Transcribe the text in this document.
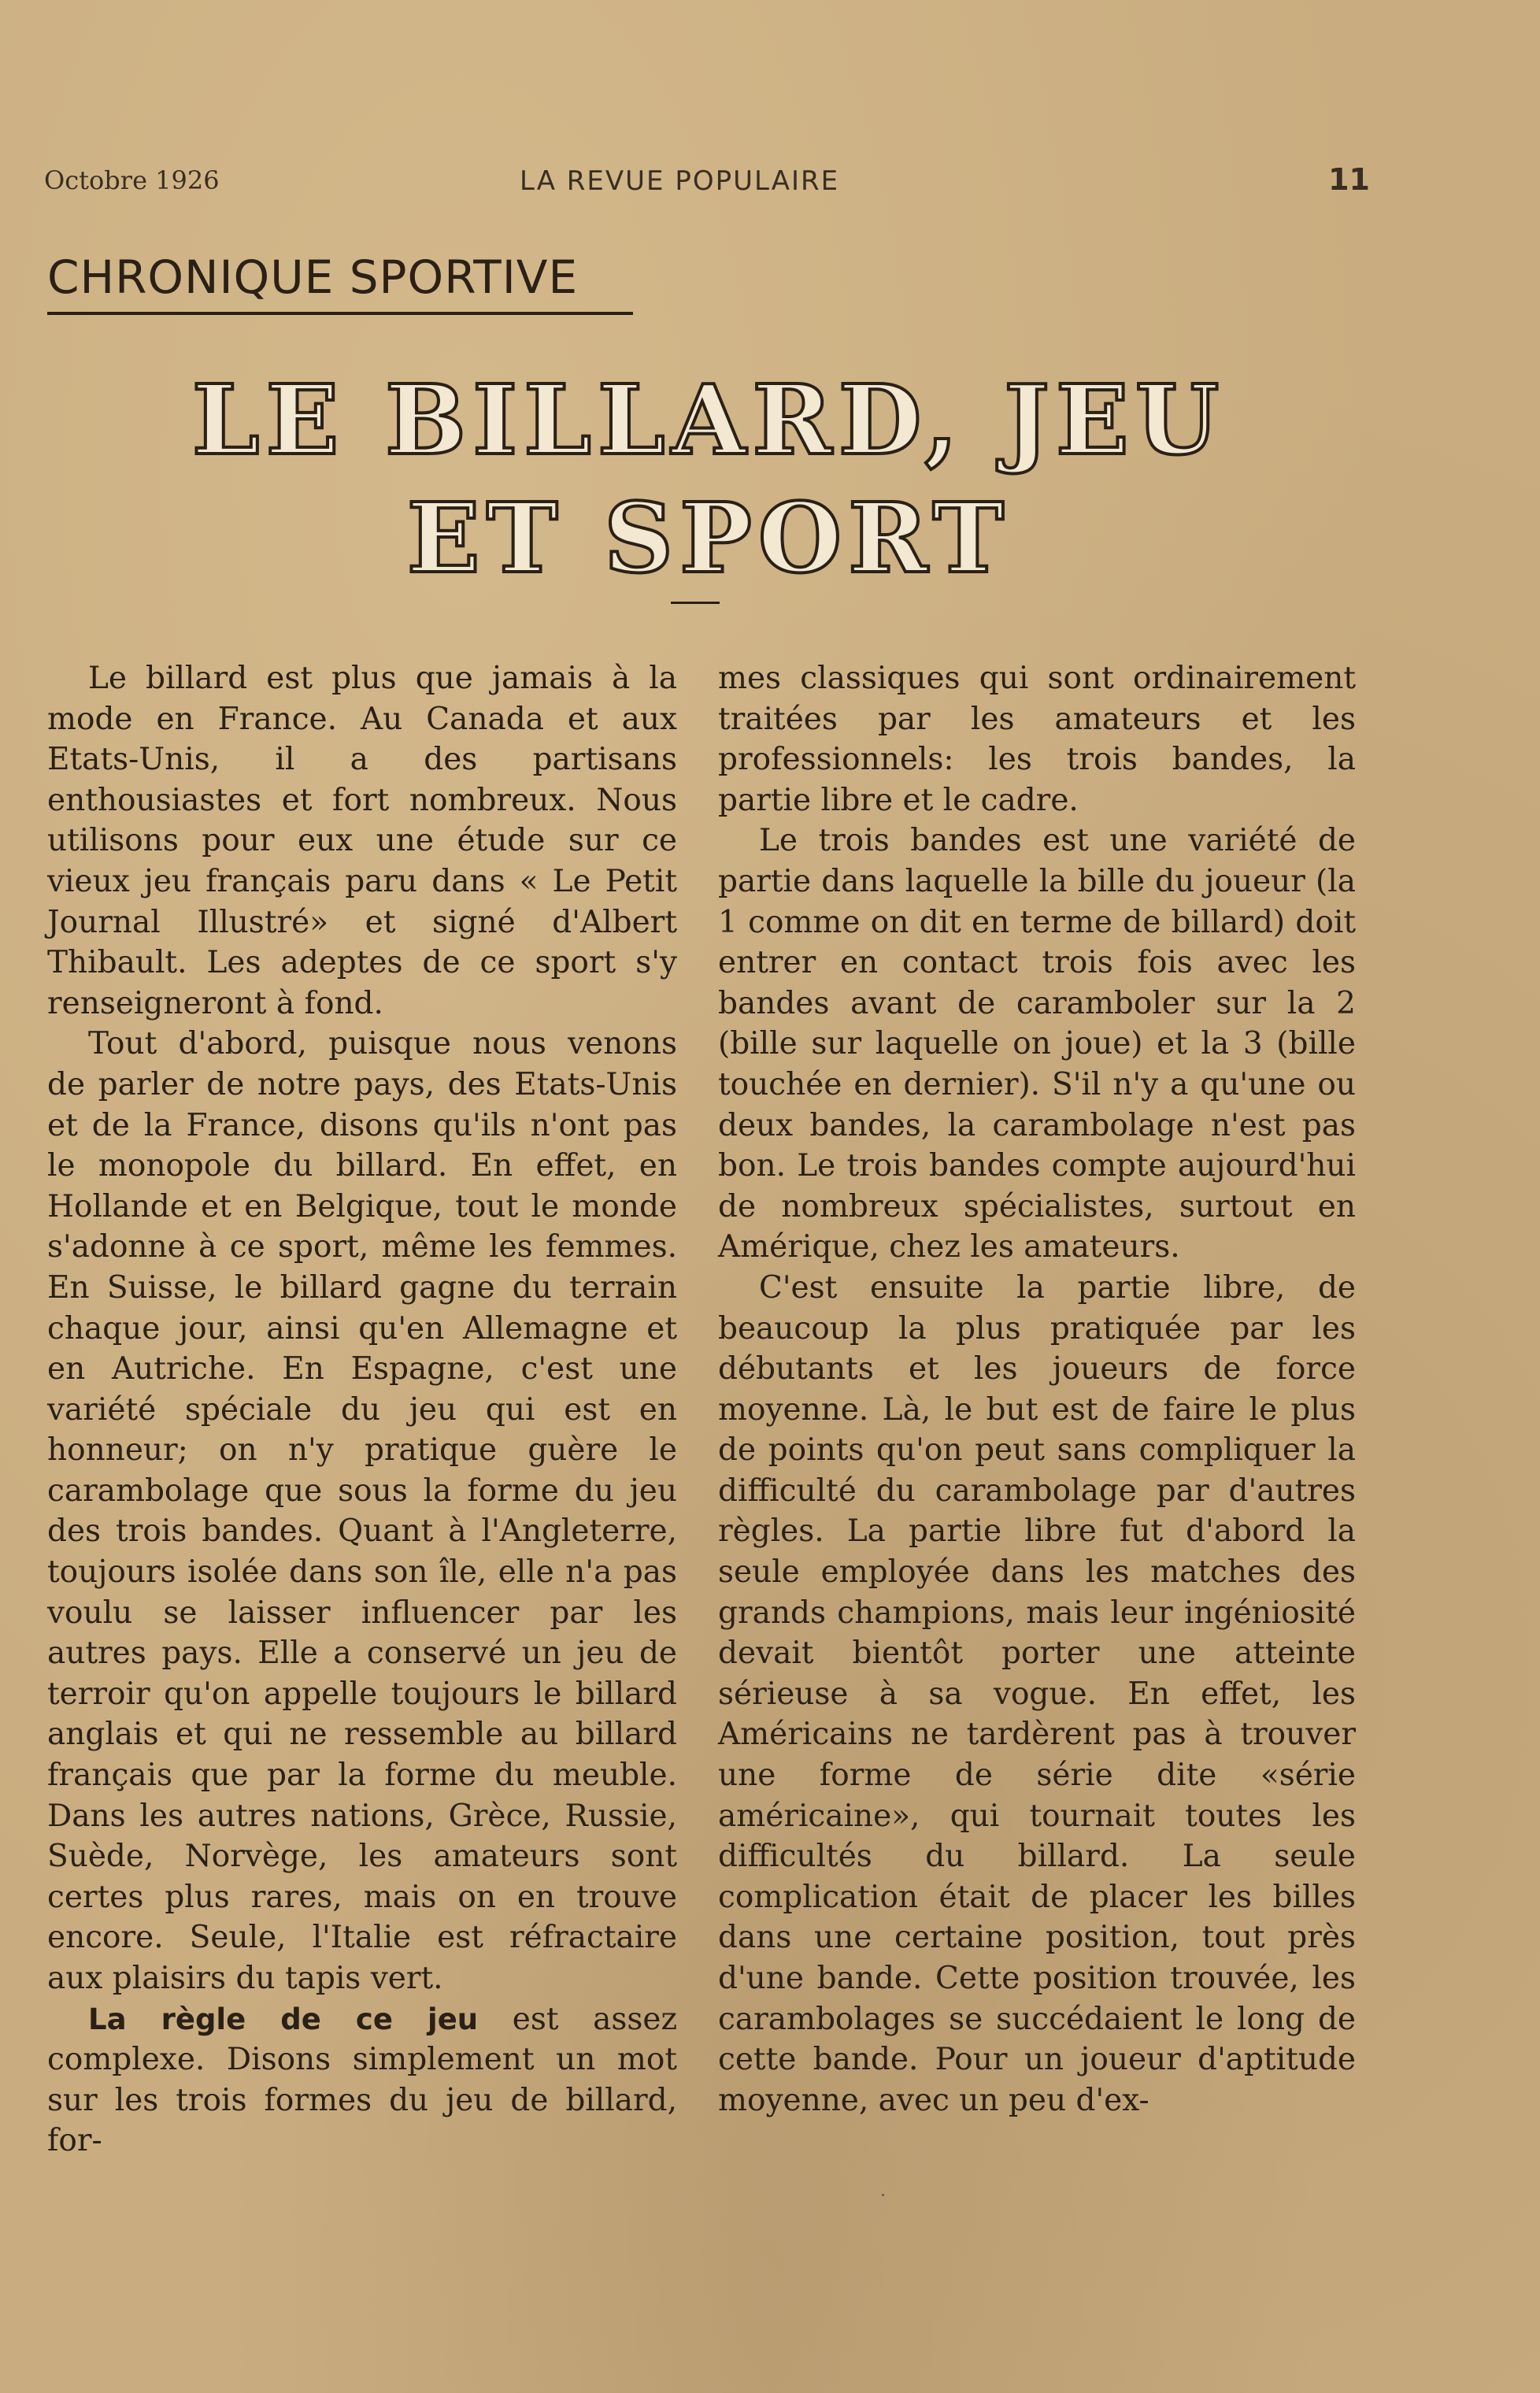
Octobre 1926	LA REVUE POPULAIRE	11
CHRONIQUE SPORTIVE
LE BILLARD, JEU ET SPORT

Le billard est plus que jamais à la mode en France. Au Canada et aux Etats-Unis, il a des partisans enthousiastes et fort nombreux. Nous utilisons pour eux une étude sur ce vieux jeu français paru dans « Le Petit Journal Illustré» et signé d'Albert Thibault. Les adeptes de ce sport s'y renseigneront à fond.

Tout d'abord, puisque nous venons de parler de notre pays, des Etats-Unis et de la France, disons qu'ils n'ont pas le monopole du billard. En effet, en Hollande et en Belgique, tout le monde s'adonne à ce sport, même les femmes. En Suisse, le billard gagne du terrain chaque jour, ainsi qu'en Allemagne et en Autriche. En Espagne, c'est une variété spéciale du jeu qui est en honneur; on n'y pratique guère le carambolage que sous la forme du jeu des trois bandes. Quant à l'Angleterre, toujours isolée dans son île, elle n'a pas voulu se laisser influencer par les autres pays. Elle a conservé un jeu de terroir qu'on appelle toujours le billard anglais et qui ne ressemble au billard français que par la forme du meuble. Dans les autres nations, Grèce, Russie, Suède, Norvège, les amateurs sont certes plus rares, mais on en trouve encore. Seule, l'Italie est réfractaire aux plaisirs du tapis vert.

La règle de ce jeu est assez complexe. Disons simplement un mot sur les trois formes du jeu de billard, for-

mes classiques qui sont ordinairement traitées par les amateurs et les professionnels: les trois bandes, la partie libre et le cadre.

Le trois bandes est une variété de partie dans laquelle la bille du joueur (la 1 comme on dit en terme de billard) doit entrer en contact trois fois avec les bandes avant de caramboler sur la 2 (bille sur laquelle on joue) et la 3 (bille touchée en dernier). S'il n'y a qu'une ou deux bandes, la carambolage n'est pas bon. Le trois bandes compte aujourd'hui de nombreux spécialistes, surtout en Amérique, chez les amateurs.

C'est ensuite la partie libre, de beaucoup la plus pratiquée par les débutants et les joueurs de force moyenne. Là, le but est de faire le plus de points qu'on peut sans compliquer la difficulté du carambolage par d'autres règles. La partie libre fut d'abord la seule employée dans les matches des grands champions, mais leur ingéniosité devait bientôt porter une atteinte sérieuse à sa vogue. En effet, les Américains ne tardèrent pas à trouver une forme de série dite «série américaine», qui tournait toutes les difficultés du billard. La seule complication était de placer les billes dans une certaine position, tout près d'une bande. Cette position trouvée, les carambolages se succédaient le long de cette bande. Pour un joueur d'aptitude moyenne, avec un peu d'ex-
